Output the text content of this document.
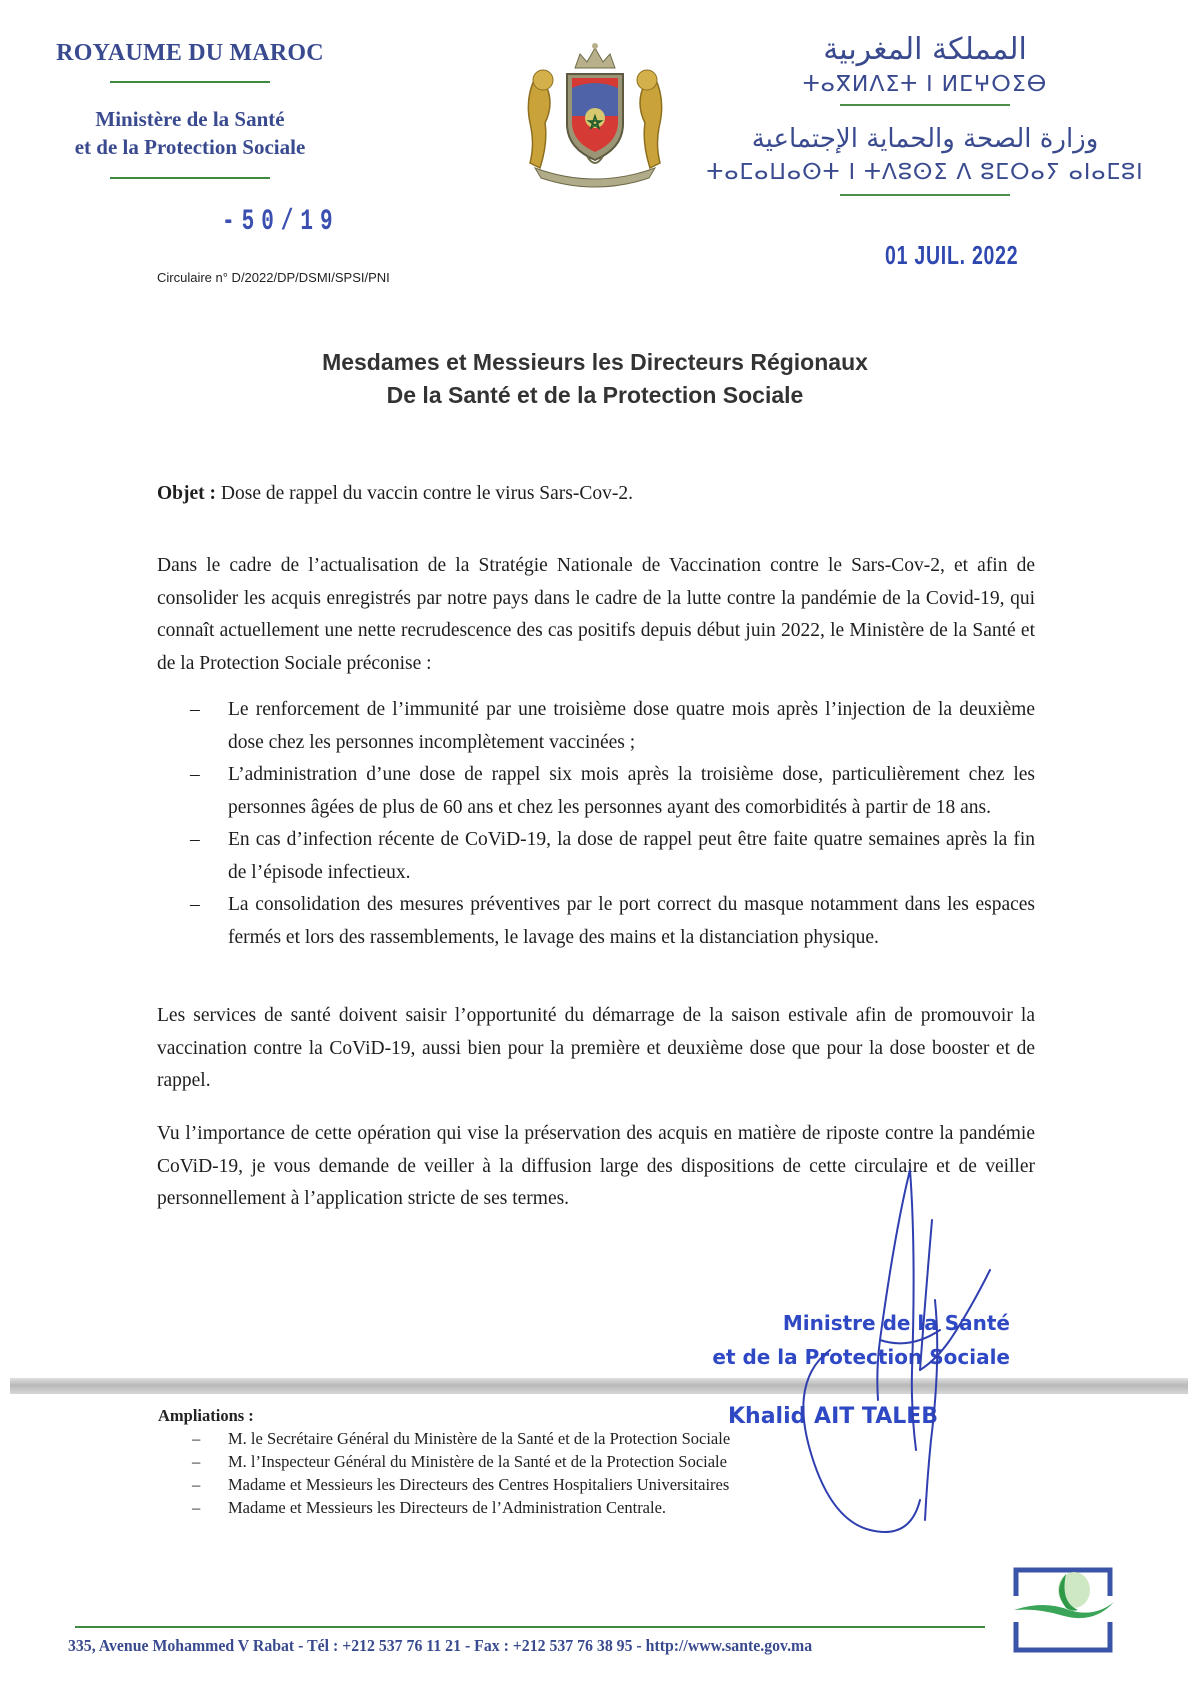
ROYAUME DU MAROC
Ministère de la Santé
et de la Protection Sociale
المملكة المغربية
ⵜⴰⴳⵍⴷⵉⵜ ⵏ ⵍⵎⵖⵔⵉⴱ
وزارة الصحة والحماية الإجتماعية
ⵜⴰⵎⴰⵡⴰⵙⵜ ⵏ ⵜⴷⵓⵙⵉ ⴷ ⵓⵎⵔⴰⵢ ⴰⵏⴰⵎⵓⵏ
-50/19
01 JUIL. 2022
Circulaire n° D/2022/DP/DSMI/SPSI/PNI
Mesdames et Messieurs les Directeurs Régionaux
De la Santé et de la Protection Sociale
Objet : Dose de rappel du vaccin contre le virus Sars-Cov-2.
Dans le cadre de l’actualisation de la Stratégie Nationale de Vaccination contre le Sars-Cov-2, et afin de consolider les acquis enregistrés par notre pays dans le cadre de la lutte contre la pandémie de la Covid-19, qui connaît actuellement une nette recrudescence des cas positifs depuis début juin 2022, le Ministère de la Santé et de la Protection Sociale préconise :
– Le renforcement de l’immunité par une troisième dose quatre mois après l’injection de la deuxième dose chez les personnes incomplètement vaccinées ;
– L’administration d’une dose de rappel six mois après la troisième dose, particulièrement chez les personnes âgées de plus de 60 ans et chez les personnes ayant des comorbidités à partir de 18 ans.
– En cas d’infection récente de CoViD-19, la dose de rappel peut être faite quatre semaines après la fin de l’épisode infectieux.
– La consolidation des mesures préventives par le port correct du masque notamment dans les espaces fermés et lors des rassemblements, le lavage des mains et la distanciation physique.
Les services de santé doivent saisir l’opportunité du démarrage de la saison estivale afin de promouvoir la vaccination contre la CoViD-19, aussi bien pour la première et deuxième dose que pour la dose booster et de rappel.
Vu l’importance de cette opération qui vise la préservation des acquis en matière de riposte contre la pandémie CoViD-19, je vous demande de veiller à la diffusion large des dispositions de cette circulaire et de veiller personnellement à l’application stricte de ses termes.
Ministre de la Santé
et de la Protection Sociale
Khalid AIT TALEB
Ampliations :
– M. le Secrétaire Général du Ministère de la Santé et de la Protection Sociale
– M. l’Inspecteur Général du Ministère de la Santé et de la Protection Sociale
– Madame et Messieurs les Directeurs des Centres Hospitaliers Universitaires
– Madame et Messieurs les Directeurs de l’Administration Centrale.
335, Avenue Mohammed V Rabat - Tél : +212 537 76 11 21 - Fax : +212 537 76 38 95 - http://www.sante.gov.ma
